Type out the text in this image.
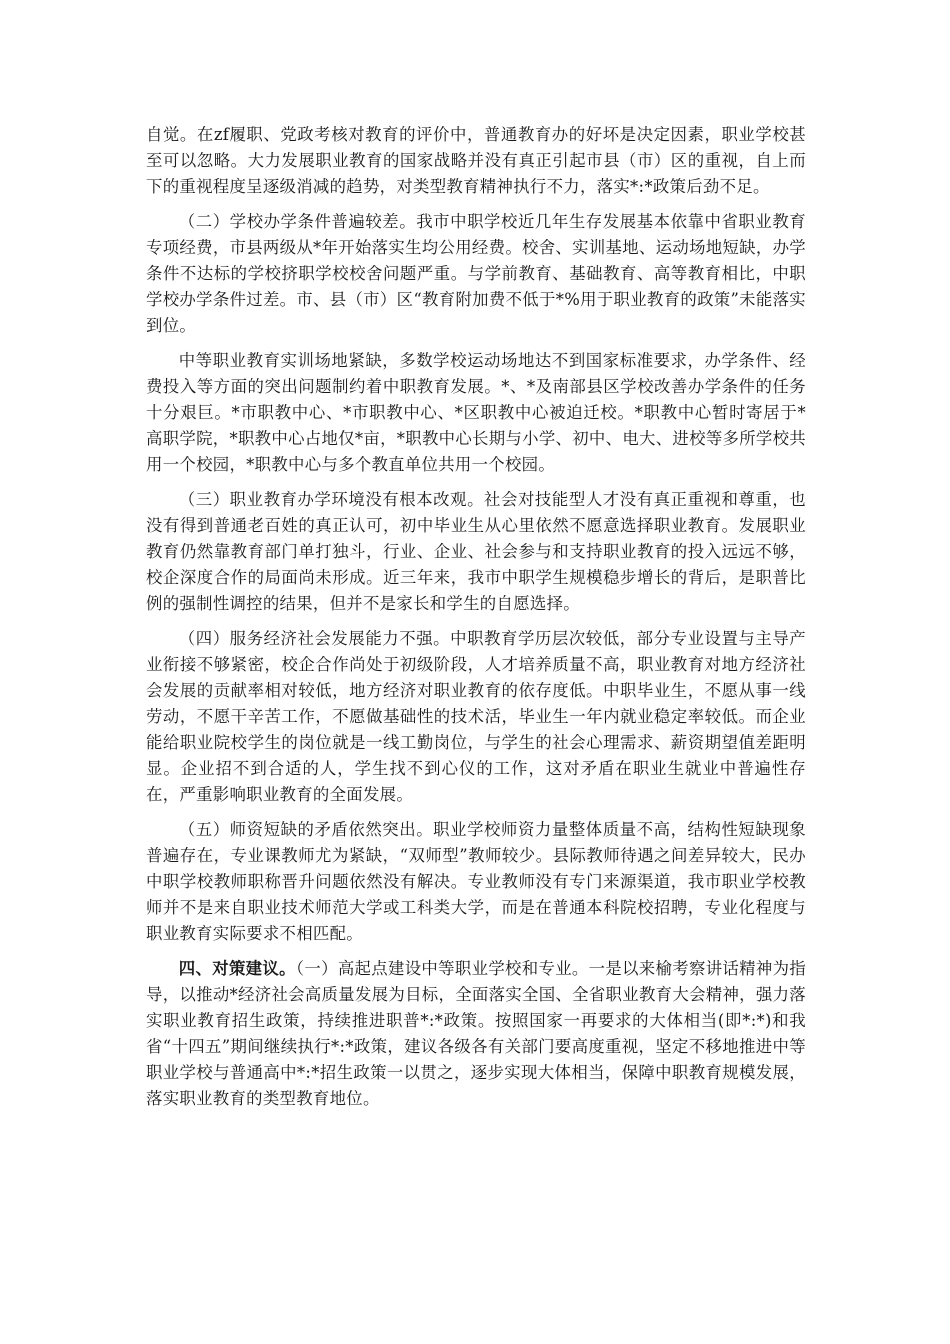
自觉。在zf履职、党政考核对教育的评价中，普通教育办的好坏是决定因素，职业学校甚至可以忽略。大力发展职业教育的国家战略并没有真正引起市县（市）区的重视，自上而下的重视程度呈逐级消减的趋势，对类型教育精神执行不力，落实*:*政策后劲不足。

（二）学校办学条件普遍较差。我市中职学校近几年生存发展基本依靠中省职业教育专项经费，市县两级从*年开始落实生均公用经费。校舍、实训基地、运动场地短缺，办学条件不达标的学校挤职学校校舍问题严重。与学前教育、基础教育、高等教育相比，中职学校办学条件过差。市、县（市）区“教育附加费不低于*%用于职业教育的政策”未能落实到位。

中等职业教育实训场地紧缺，多数学校运动场地达不到国家标准要求，办学条件、经费投入等方面的突出问题制约着中职教育发展。*、*及南部县区学校改善办学条件的任务十分艰巨。*市职教中心、*市职教中心、*区职教中心被迫迁校。*职教中心暂时寄居于*高职学院，*职教中心占地仅*亩，*职教中心长期与小学、初中、电大、进校等多所学校共用一个校园，*职教中心与多个教直单位共用一个校园。

（三）职业教育办学环境没有根本改观。社会对技能型人才没有真正重视和尊重，也没有得到普通老百姓的真正认可，初中毕业生从心里依然不愿意选择职业教育。发展职业教育仍然靠教育部门单打独斗，行业、企业、社会参与和支持职业教育的投入远远不够，校企深度合作的局面尚未形成。近三年来，我市中职学生规模稳步增长的背后，是职普比例的强制性调控的结果，但并不是家长和学生的自愿选择。

（四）服务经济社会发展能力不强。中职教育学历层次较低，部分专业设置与主导产业衔接不够紧密，校企合作尚处于初级阶段，人才培养质量不高，职业教育对地方经济社会发展的贡献率相对较低，地方经济对职业教育的依存度低。中职毕业生，不愿从事一线劳动，不愿干辛苦工作，不愿做基础性的技术活，毕业生一年内就业稳定率较低。而企业能给职业院校学生的岗位就是一线工勤岗位，与学生的社会心理需求、薪资期望值差距明显。企业招不到合适的人，学生找不到心仪的工作，这对矛盾在职业生就业中普遍性存在，严重影响职业教育的全面发展。

（五）师资短缺的矛盾依然突出。职业学校师资力量整体质量不高，结构性短缺现象普遍存在，专业课教师尤为紧缺，“双师型”教师较少。县际教师待遇之间差异较大，民办中职学校教师职称晋升问题依然没有解决。专业教师没有专门来源渠道，我市职业学校教师并不是来自职业技术师范大学或工科类大学，而是在普通本科院校招聘，专业化程度与职业教育实际要求不相匹配。

四、对策建议。（一）高起点建设中等职业学校和专业。一是以来榆考察讲话精神为指导，以推动*经济社会高质量发展为目标，全面落实全国、全省职业教育大会精神，强力落实职业教育招生政策，持续推进职普*:*政策。按照国家一再要求的大体相当(即*:*)和我省“十四五”期间继续执行*:*政策，建议各级各有关部门要高度重视，坚定不移地推进中等职业学校与普通高中*:*招生政策一以贯之，逐步实现大体相当，保障中职教育规模发展，落实职业教育的类型教育地位。
